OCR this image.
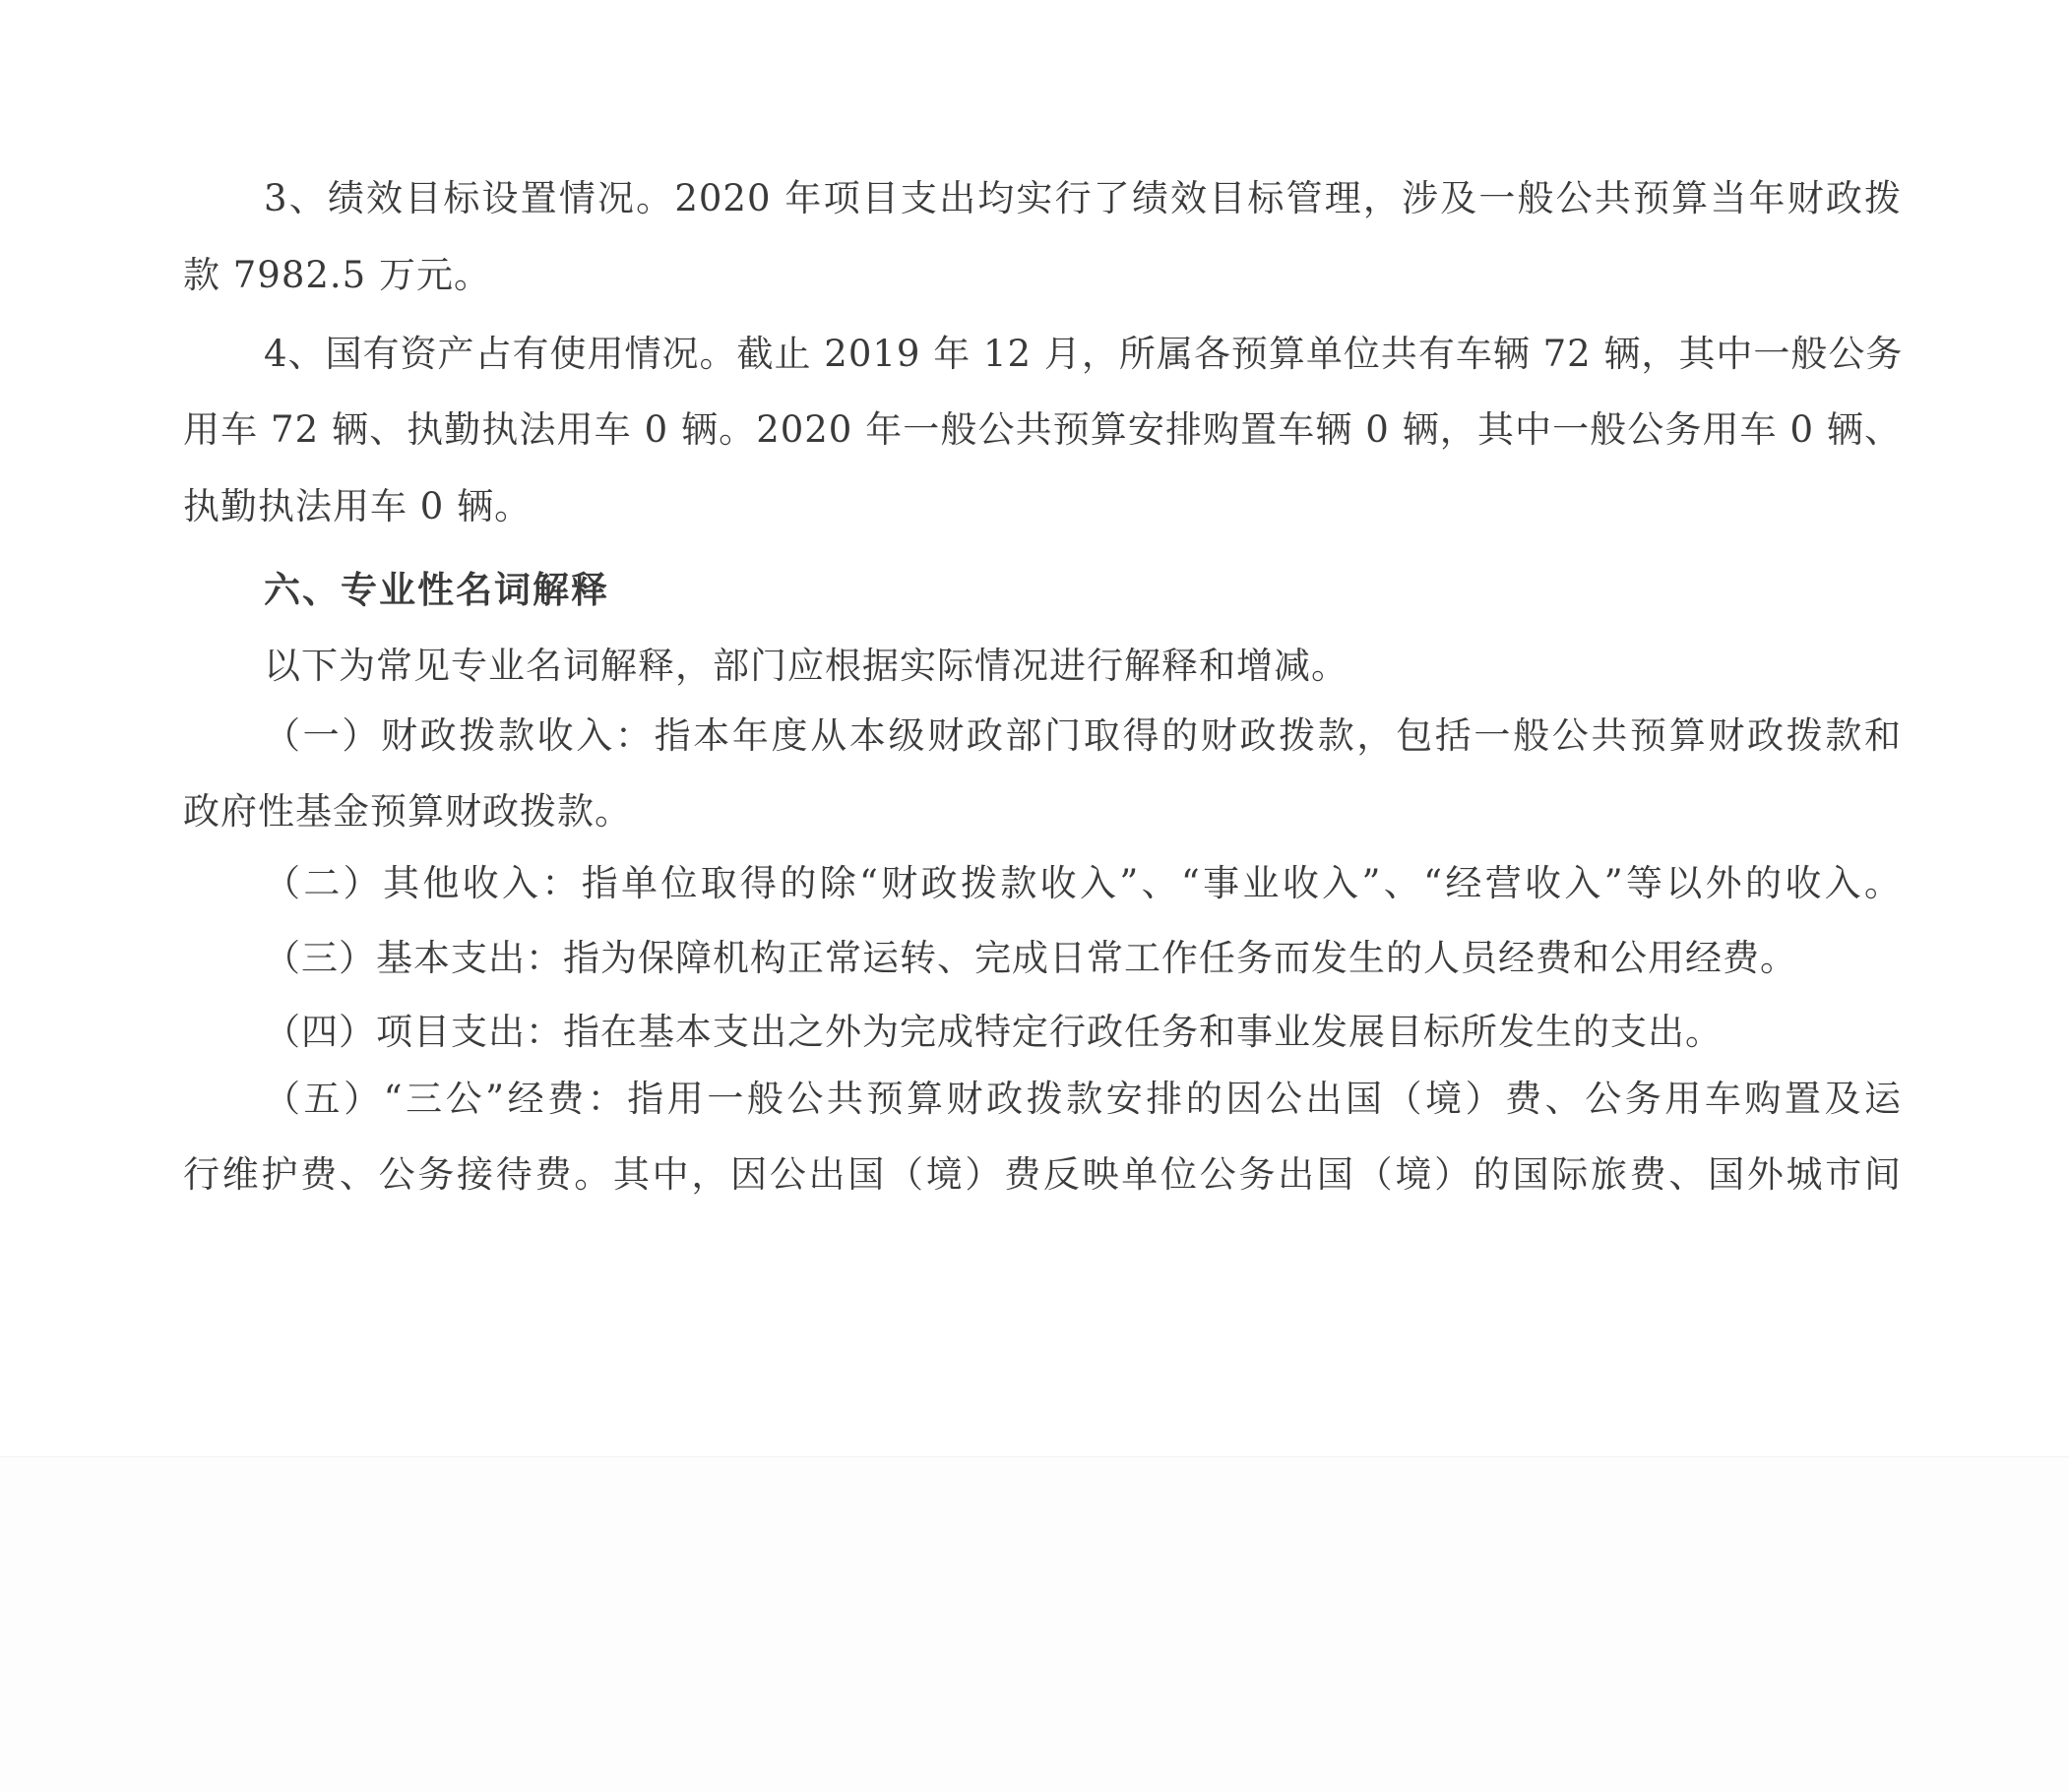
3、绩效目标设置情况。2020 年项目支出均实行了绩效目标管理，涉及一般公共预算当年财政拨
款 7982.5 万元。
4、国有资产占有使用情况。截止 2019 年 12 月，所属各预算单位共有车辆 72 辆，其中一般公务
用车 72 辆、执勤执法用车 0 辆。2020 年一般公共预算安排购置车辆 0 辆，其中一般公务用车 0 辆、
执勤执法用车 0 辆。
六、专业性名词解释
以下为常见专业名词解释，部门应根据实际情况进行解释和增减。
（一）财政拨款收入：指本年度从本级财政部门取得的财政拨款，包括一般公共预算财政拨款和
政府性基金预算财政拨款。
（二）其他收入：指单位取得的除“财政拨款收入”、“事业收入”、“经营收入”等以外的收入。
（三）基本支出：指为保障机构正常运转、完成日常工作任务而发生的人员经费和公用经费。
（四）项目支出：指在基本支出之外为完成特定行政任务和事业发展目标所发生的支出。
（五）“三公”经费：指用一般公共预算财政拨款安排的因公出国（境）费、公务用车购置及运
行维护费、公务接待费。其中，因公出国（境）费反映单位公务出国（境）的国际旅费、国外城市间
